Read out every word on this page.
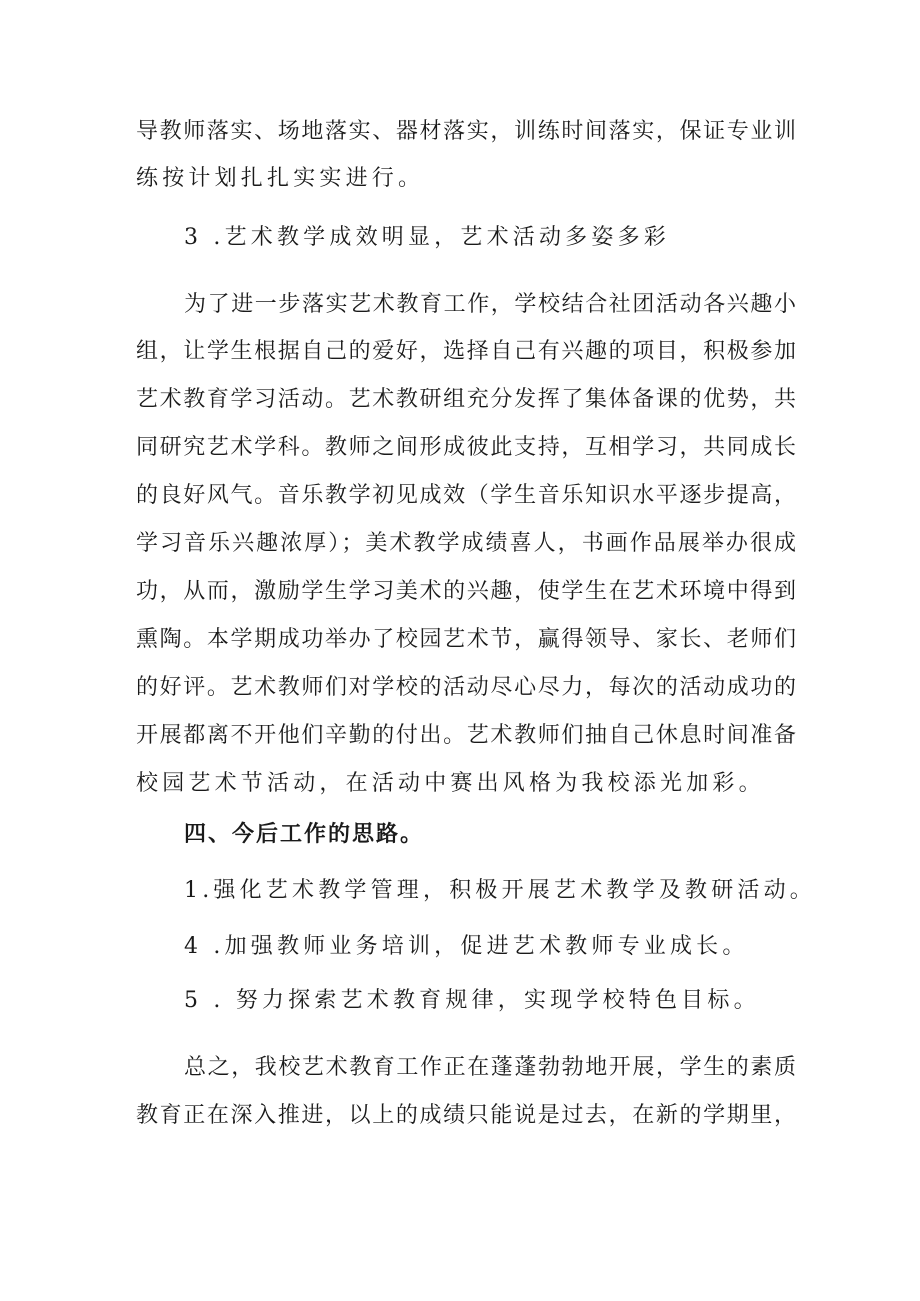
导教师落实、场地落实、器材落实，训练时间落实，保证专业训
练按计划扎扎实实进行。
3 .艺术教学成效明显，艺术活动多姿多彩
为了进一步落实艺术教育工作，学校结合社团活动各兴趣小
组，让学生根据自己的爱好，选择自己有兴趣的项目，积极参加
艺术教育学习活动。艺术教研组充分发挥了集体备课的优势，共
同研究艺术学科。教师之间形成彼此支持，互相学习，共同成长
的良好风气。音乐教学初见成效（学生音乐知识水平逐步提高，
学习音乐兴趣浓厚）；美术教学成绩喜人，书画作品展举办很成
功，从而，激励学生学习美术的兴趣，使学生在艺术环境中得到
熏陶。本学期成功举办了校园艺术节，赢得领导、家长、老师们
的好评。艺术教师们对学校的活动尽心尽力，每次的活动成功的
开展都离不开他们辛勤的付出。艺术教师们抽自己休息时间准备
校园艺术节活动，在活动中赛出风格为我校添光加彩。
四、今后工作的思路。
1.强化艺术教学管理，积极开展艺术教学及教研活动。
4 .加强教师业务培训，促进艺术教师专业成长。
5 . 努力探索艺术教育规律，实现学校特色目标。
总之，我校艺术教育工作正在蓬蓬勃勃地开展，学生的素质
教育正在深入推进，以上的成绩只能说是过去，在新的学期里，
